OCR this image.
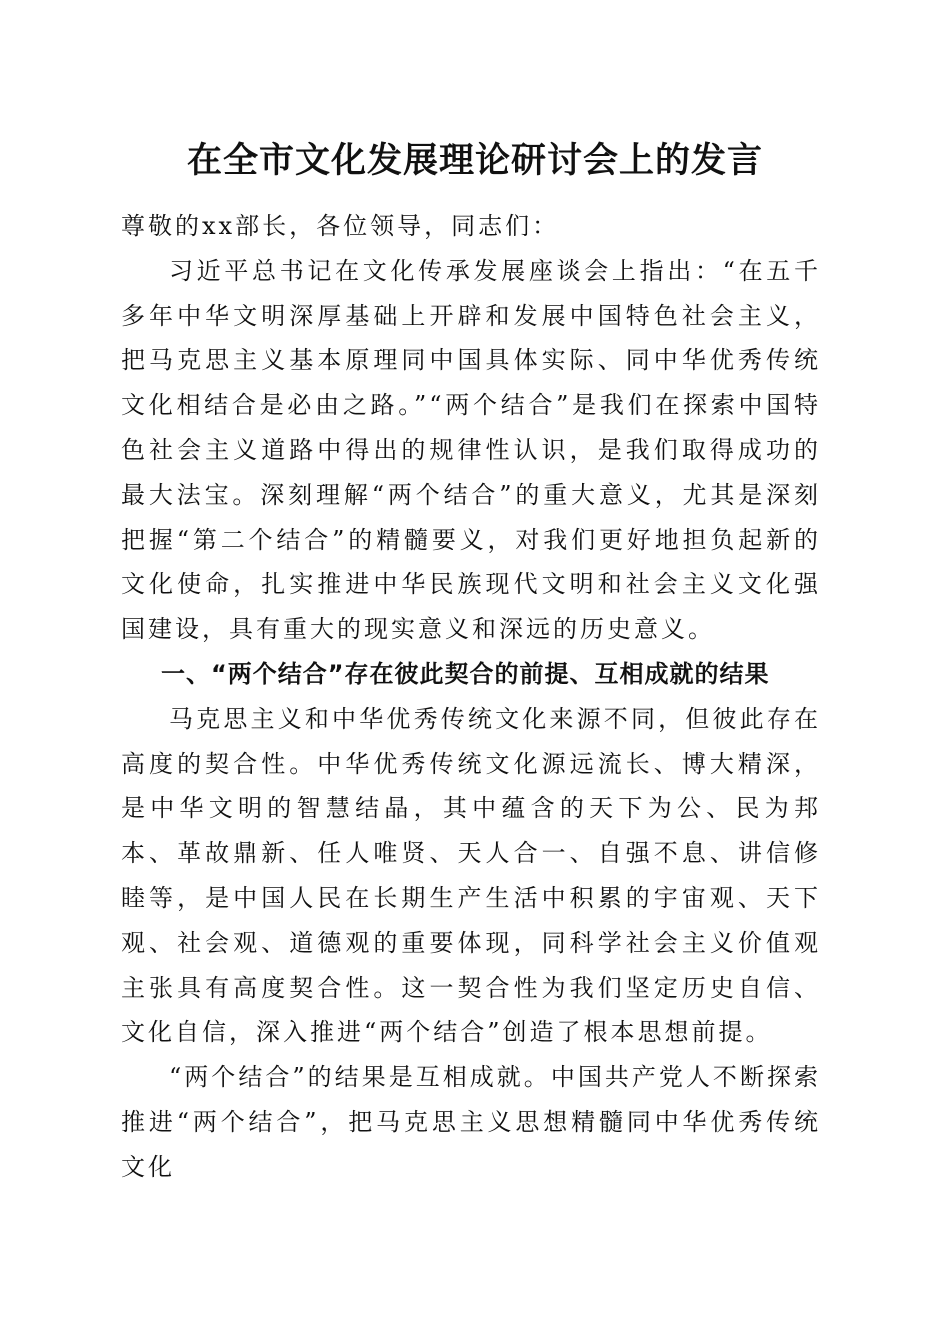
在全市文化发展理论研讨会上的发言

尊敬的xx部长，各位领导，同志们：

习近平总书记在文化传承发展座谈会上指出：“在五千多年中华文明深厚基础上开辟和发展中国特色社会主义，把马克思主义基本原理同中国具体实际、同中华优秀传统文化相结合是必由之路。”“两个结合”是我们在探索中国特色社会主义道路中得出的规律性认识，是我们取得成功的最大法宝。深刻理解“两个结合”的重大意义，尤其是深刻把握“第二个结合”的精髓要义，对我们更好地担负起新的文化使命，扎实推进中华民族现代文明和社会主义文化强国建设，具有重大的现实意义和深远的历史意义。

一、“两个结合”存在彼此契合的前提、互相成就的结果

马克思主义和中华优秀传统文化来源不同，但彼此存在高度的契合性。中华优秀传统文化源远流长、博大精深，是中华文明的智慧结晶，其中蕴含的天下为公、民为邦本、革故鼎新、任人唯贤、天人合一、自强不息、讲信修睦等，是中国人民在长期生产生活中积累的宇宙观、天下观、社会观、道德观的重要体现，同科学社会主义价值观主张具有高度契合性。这一契合性为我们坚定历史自信、文化自信，深入推进“两个结合”创造了根本思想前提。

“两个结合”的结果是互相成就。中国共产党人不断探索推进“两个结合”，把马克思主义思想精髓同中华优秀传统文化
